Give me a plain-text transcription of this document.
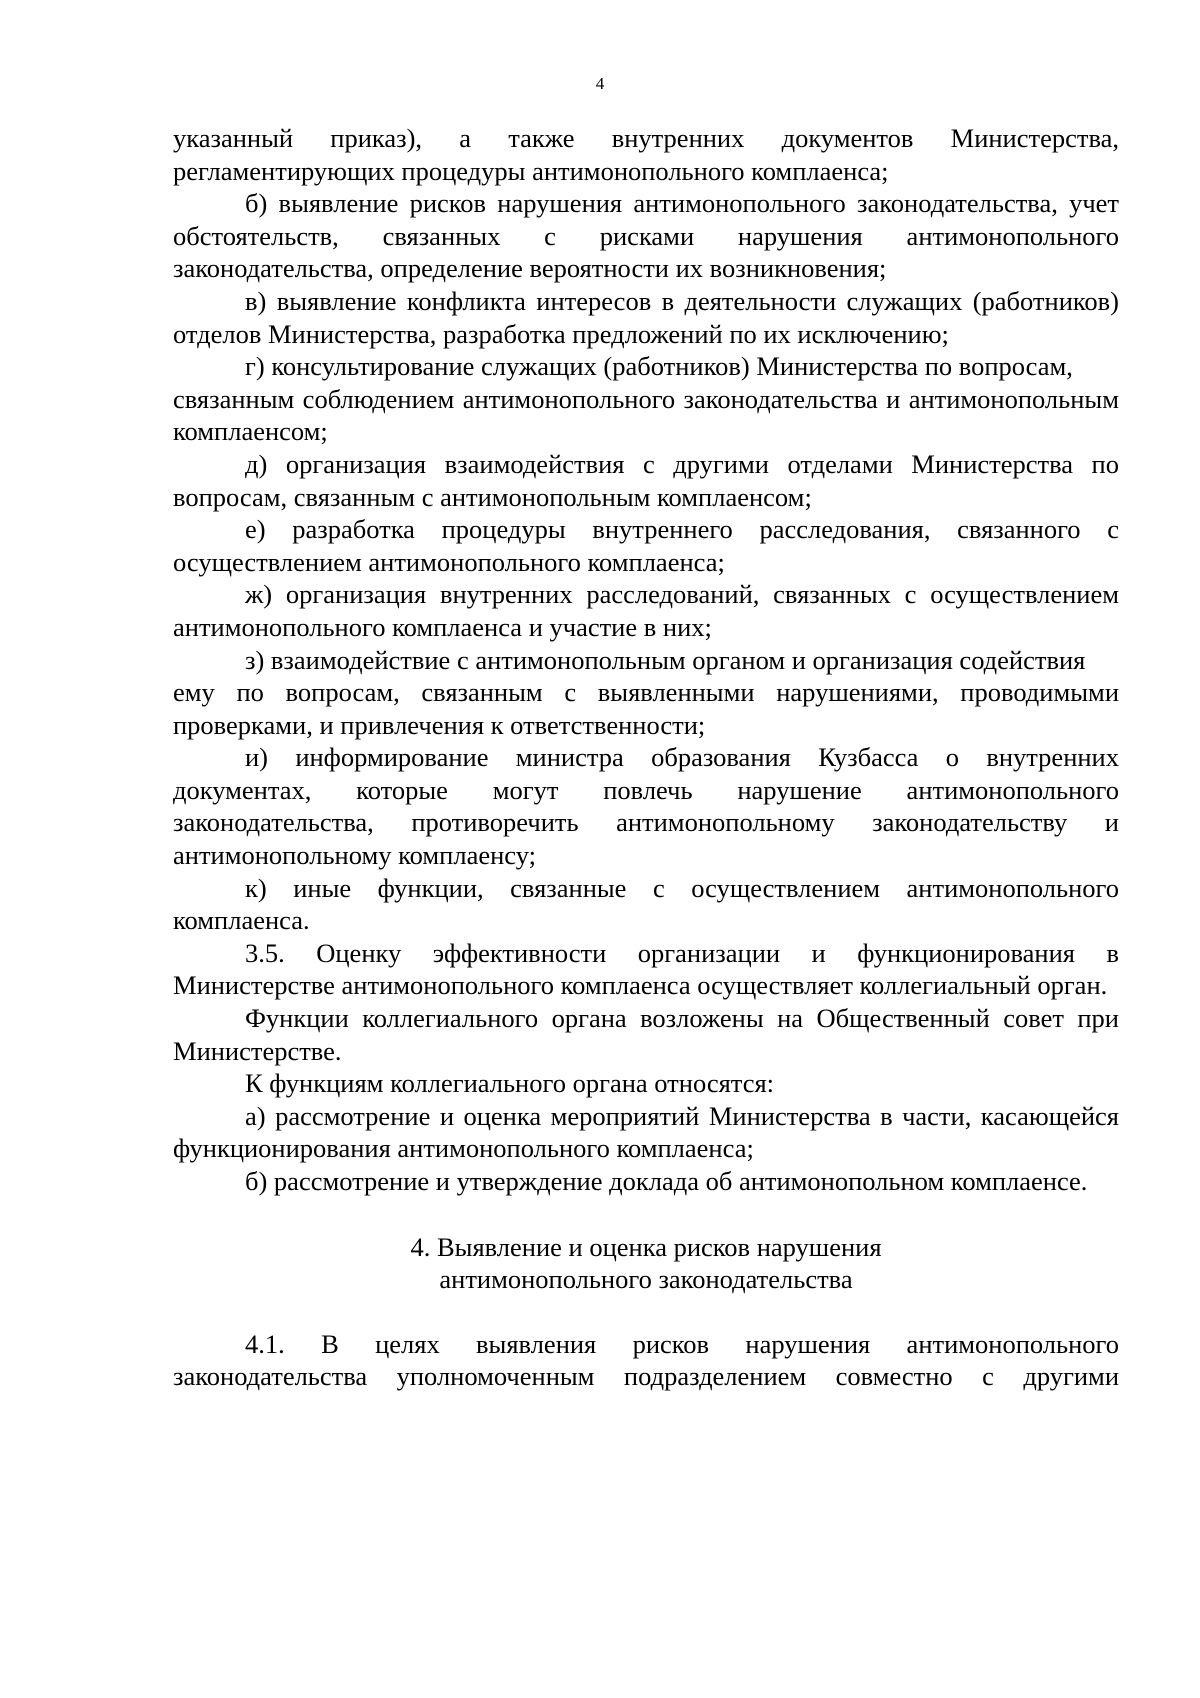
4

указанный приказ), а также внутренних документов Министерства, регламентирующих процедуры антимонопольного комплаенса;

б) выявление рисков нарушения антимонопольного законодательства, учет обстоятельств, связанных с рисками нарушения антимонопольного законодательства, определение вероятности их возникновения;

в) выявление конфликта интересов в деятельности служащих (работников) отделов Министерства, разработка предложений по их исключению;

г) консультирование служащих (работников) Министерства по вопросам,

связанным соблюдением антимонопольного законодательства и антимонопольным комплаенсом;

д) организация взаимодействия с другими отделами Министерства по вопросам, связанным с антимонопольным комплаенсом;

е) разработка процедуры внутреннего расследования, связанного с осуществлением антимонопольного комплаенса;

ж) организация внутренних расследований, связанных с осуществлением антимонопольного комплаенса и участие в них;

з) взаимодействие с антимонопольным органом и организация содействия

ему по вопросам, связанным с выявленными нарушениями, проводимыми проверками, и привлечения к ответственности;

и) информирование министра образования Кузбасса о внутренних документах, которые могут повлечь нарушение антимонопольного законодательства, противоречить антимонопольному законодательству и антимонопольному комплаенсу;

к) иные функции, связанные с осуществлением антимонопольного комплаенса.

3.5. Оценку эффективности организации и функционирования в Министерстве антимонопольного комплаенса осуществляет коллегиальный орган.

Функции коллегиального органа возложены на Общественный совет при Министерстве.

К функциям коллегиального органа относятся:

а) рассмотрение и оценка мероприятий Министерства в части, касающейся функционирования антимонопольного комплаенса;

б) рассмотрение и утверждение доклада об антимонопольном комплаенсе.

4. Выявление и оценка рисков нарушения
антимонопольного законодательства

4.1. В целях выявления рисков нарушения антимонопольного законодательства уполномоченным подразделением совместно с другими
